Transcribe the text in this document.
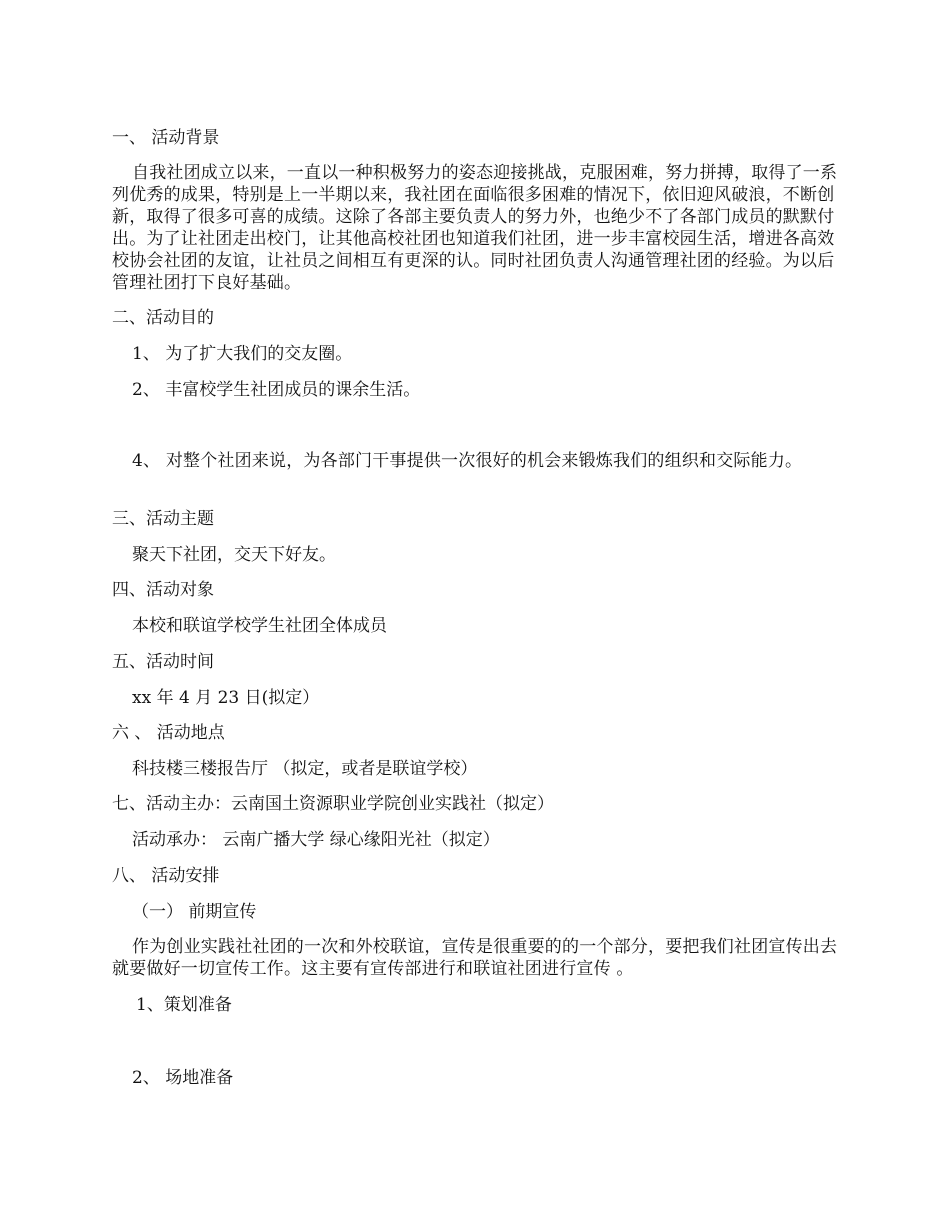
一、 活动背景
自我社团成立以来，一直以一种积极努力的姿态迎接挑战，克服困难，努力拼搏，取得了一系列优秀的成果，特别是上一半期以来，我社团在面临很多困难的情况下，依旧迎风破浪，不断创新，取得了很多可喜的成绩。这除了各部主要负责人的努力外，也绝少不了各部门成员的默默付出。为了让社团走出校门，让其他高校社团也知道我们社团，进一步丰富校园生活，增进各高效校协会社团的友谊，让社员之间相互有更深的认。同时社团负责人沟通管理社团的经验。为以后管理社团打下良好基础。
二、活动目的
1、 为了扩大我们的交友圈。
2、 丰富校学生社团成员的课余生活。
4、 对整个社团来说，为各部门干事提供一次很好的机会来锻炼我们的组织和交际能力。
三、活动主题
聚天下社团，交天下好友。
四、活动对象
本校和联谊学校学生社团全体成员
五、活动时间
xx 年 4 月 23 日(拟定）
六 、 活动地点
科技楼三楼报告厅 （拟定，或者是联谊学校）
七、活动主办：云南国土资源职业学院创业实践社（拟定）
活动承办： 云南广播大学 绿心缘阳光社（拟定）
八、 活动安排
（一） 前期宣传
作为创业实践社社团的一次和外校联谊，宣传是很重要的的一个部分，要把我们社团宣传出去就要做好一切宣传工作。这主要有宣传部进行和联谊社团进行宣传 。
1、策划准备
2、 场地准备
